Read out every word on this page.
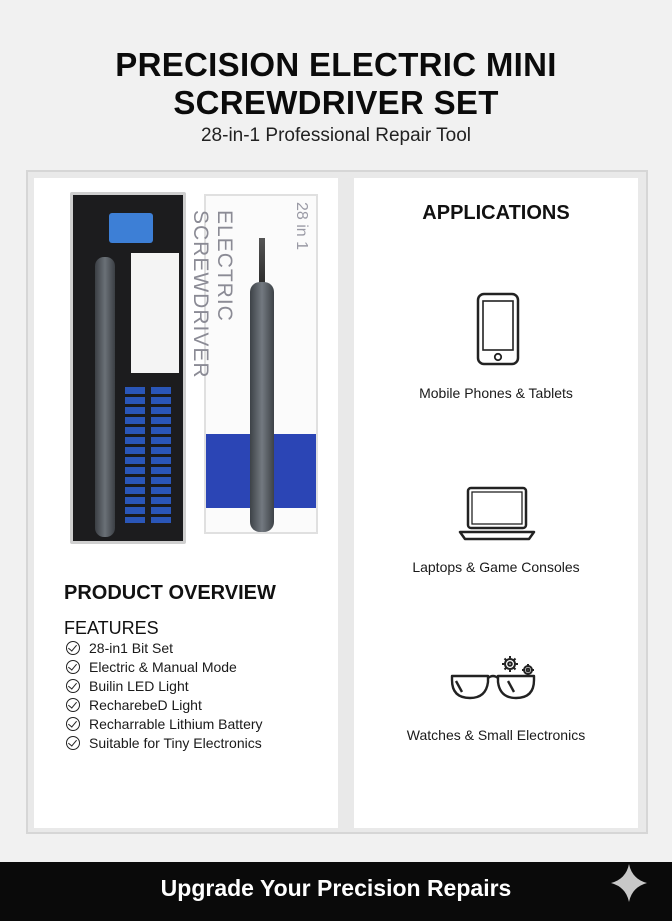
PRECISION ELECTRIC MINI
SCREWDRIVER SET
28-in-1 Professional Repair Tool
ELECTRIC SCREWDRIVER	28 in 1
PRODUCT OVERVIEW
FEATURES
28-in1 Bit Set
Electric & Manual Mode
Builin LED Light
RecharebeD Light
Recharrable Lithium Battery
Suitable for Tiny Electronics
APPLICATIONS
Mobile Phones & Tablets
Laptops & Game Consoles
Watches & Small Electronics
Upgrade Your Precision Repairs
